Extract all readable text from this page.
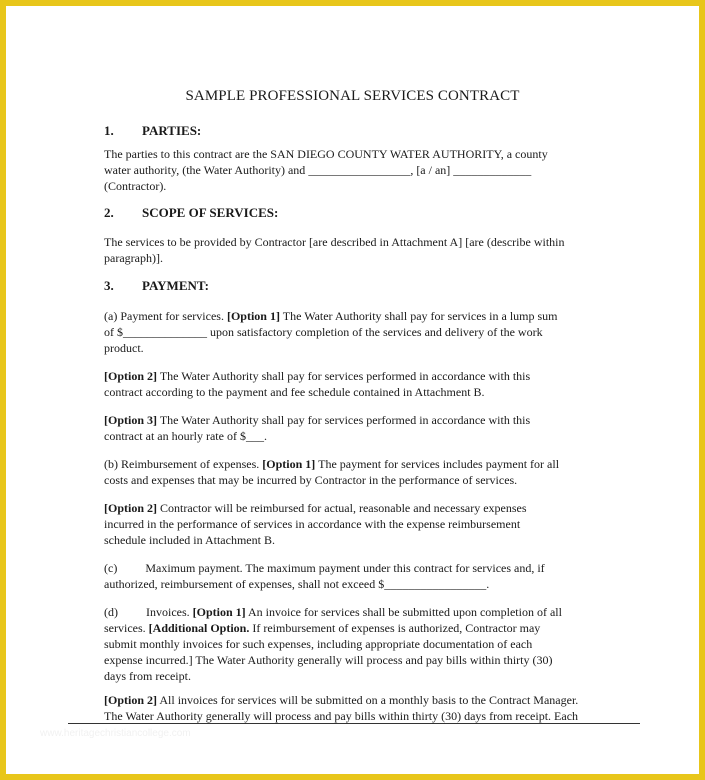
SAMPLE PROFESSIONAL SERVICES CONTRACT
1. PARTIES:
The parties to this contract are the SAN DIEGO COUNTY WATER AUTHORITY, a county
water authority, (the Water Authority) and _________________, [a / an] _____________
(Contractor).
2. SCOPE OF SERVICES:
The services to be provided by Contractor [are described in Attachment A] [are (describe within
paragraph)].
3. PAYMENT:
(a) Payment for services. [Option 1] The Water Authority shall pay for services in a lump sum
of $______________ upon satisfactory completion of the services and delivery of the work
product.
[Option 2] The Water Authority shall pay for services performed in accordance with this
contract according to the payment and fee schedule contained in Attachment B.
[Option 3] The Water Authority shall pay for services performed in accordance with this
contract at an hourly rate of $___.
(b) Reimbursement of expenses. [Option 1] The payment for services includes payment for all
costs and expenses that may be incurred by Contractor in the performance of services.
[Option 2] Contractor will be reimbursed for actual, reasonable and necessary expenses
incurred in the performance of services in accordance with the expense reimbursement
schedule included in Attachment B.
(c) Maximum payment. The maximum payment under this contract for services and, if
authorized, reimbursement of expenses, shall not exceed $_________________.
(d) Invoices. [Option 1] An invoice for services shall be submitted upon completion of all
services. [Additional Option. If reimbursement of expenses is authorized, Contractor may
submit monthly invoices for such expenses, including appropriate documentation of each
expense incurred.] The Water Authority generally will process and pay bills within thirty (30)
days from receipt.
[Option 2] All invoices for services will be submitted on a monthly basis to the Contract Manager.
The Water Authority generally will process and pay bills within thirty (30) days from receipt. Each
www.heritagechristiancollege.com
